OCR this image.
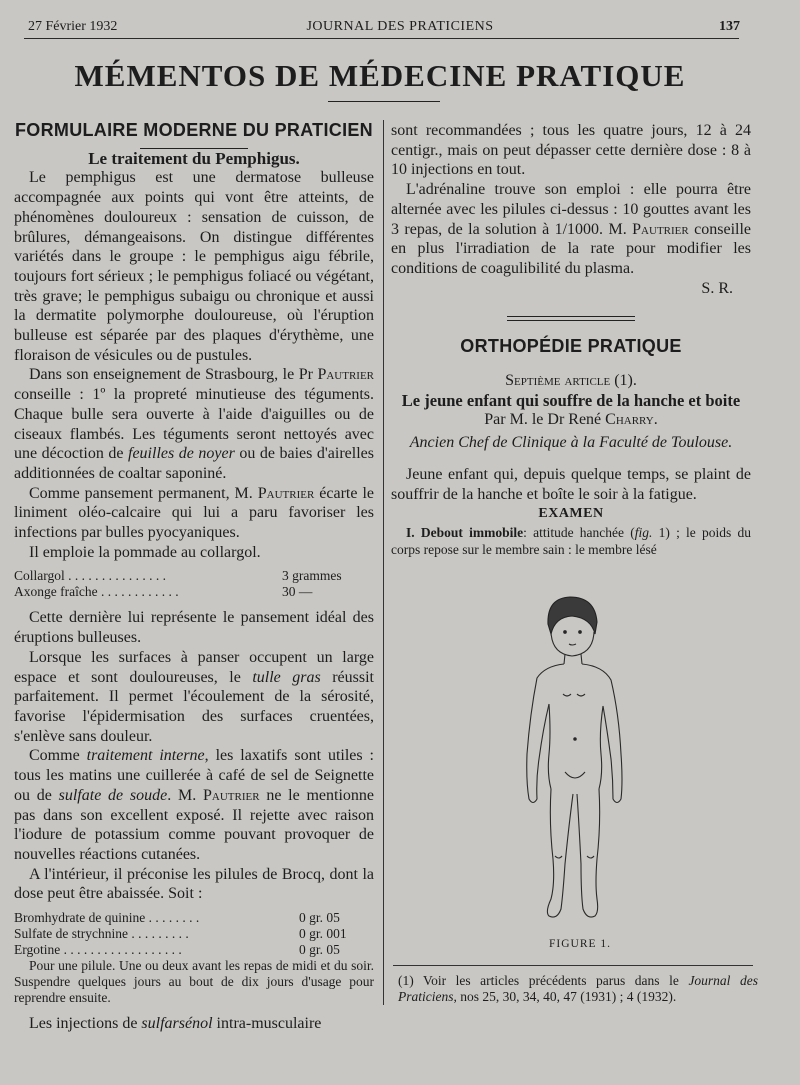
27 Février 1932	JOURNAL DES PRATICIENS	137
MÉMENTOS DE MÉDECINE PRATIQUE

FORMULAIRE MODERNE DU PRATICIEN

Le traitement du Pemphigus.

Le pemphigus est une dermatose bulleuse accompagnée aux points qui vont être atteints, de phénomènes douloureux : sensation de cuisson, de brûlures, démangeaisons. On distingue différentes variétés dans le groupe : le pemphigus aigu fébrile, toujours fort sérieux ; le pemphigus foliacé ou végétant, très grave; le pemphigus subaigu ou chronique et aussi la dermatite polymorphe douloureuse, où l'éruption bulleuse est séparée par des plaques d'érythème, une floraison de vésicules ou de pustules.

Dans son enseignement de Strasbourg, le Pr Pautrier conseille : 1º la propreté minutieuse des téguments. Chaque bulle sera ouverte à l'aide d'aiguilles ou de ciseaux flambés. Les téguments seront nettoyés avec une décoction de feuilles de noyer ou de baies d'airelles additionnées de coaltar saponiné.

Comme pansement permanent, M. Pautrier écarte le liniment oléo-calcaire qui lui a paru favoriser les infections par bulles pyocyaniques.

Il emploie la pommade au collargol.

Collargol . . . . . . . . . . . . . . .	3 grammes
Axonge fraîche . . . . . . . . . . . .	30 —

Cette dernière lui représente le pansement idéal des éruptions bulleuses.

Lorsque les surfaces à panser occupent un large espace et sont douloureuses, le tulle gras réussit parfaitement. Il permet l'écoulement de la sérosité, favorise l'épidermisation des surfaces cruentées, s'enlève sans douleur.

Comme traitement interne, les laxatifs sont utiles : tous les matins une cuillerée à café de sel de Seignette ou de sulfate de soude. M. Pautrier ne le mentionne pas dans son excellent exposé. Il rejette avec raison l'iodure de potassium comme pouvant provoquer de nouvelles réactions cutanées.

A l'intérieur, il préconise les pilules de Brocq, dont la dose peut être abaissée. Soit :

Bromhydrate de quinine . . . . . . . .	0 gr. 05
Sulfate de strychnine . . . . . . . . .	0 gr. 001
Ergotine . . . . . . . . . . . . . . . . . .	0 gr. 05
Pour une pilule. Une ou deux avant les repas de midi et du soir. Suspendre quelques jours au bout de dix jours d'usage pour reprendre ensuite.

Les injections de sulfarsénol intra-musculaire

sont recommandées ; tous les quatre jours, 12 à 24 centigr., mais on peut dépasser cette dernière dose : 8 à 10 injections en tout.

L'adrénaline trouve son emploi : elle pourra être alternée avec les pilules ci-dessus : 10 gouttes avant les 3 repas, de la solution à 1/1000. M. Pautrier conseille en plus l'irradiation de la rate pour modifier les conditions de coagulibilité du plasma.

S. R.

ORTHOPÉDIE PRATIQUE

Septième article (1).

Le jeune enfant qui souffre de la hanche et boite

Par M. le Dr René Charry.

Ancien Chef de Clinique à la Faculté de Toulouse.

Jeune enfant qui, depuis quelque temps, se plaint de souffrir de la hanche et boîte le soir à la fatigue.

EXAMEN

I. Debout immobile: attitude hanchée (fig. 1) ; le poids du corps repose sur le membre sain : le membre lésé

FIGURE 1.
(1) Voir les articles précédents parus dans le Journal des Praticiens, nos 25, 30, 34, 40, 47 (1931) ; 4 (1932).
